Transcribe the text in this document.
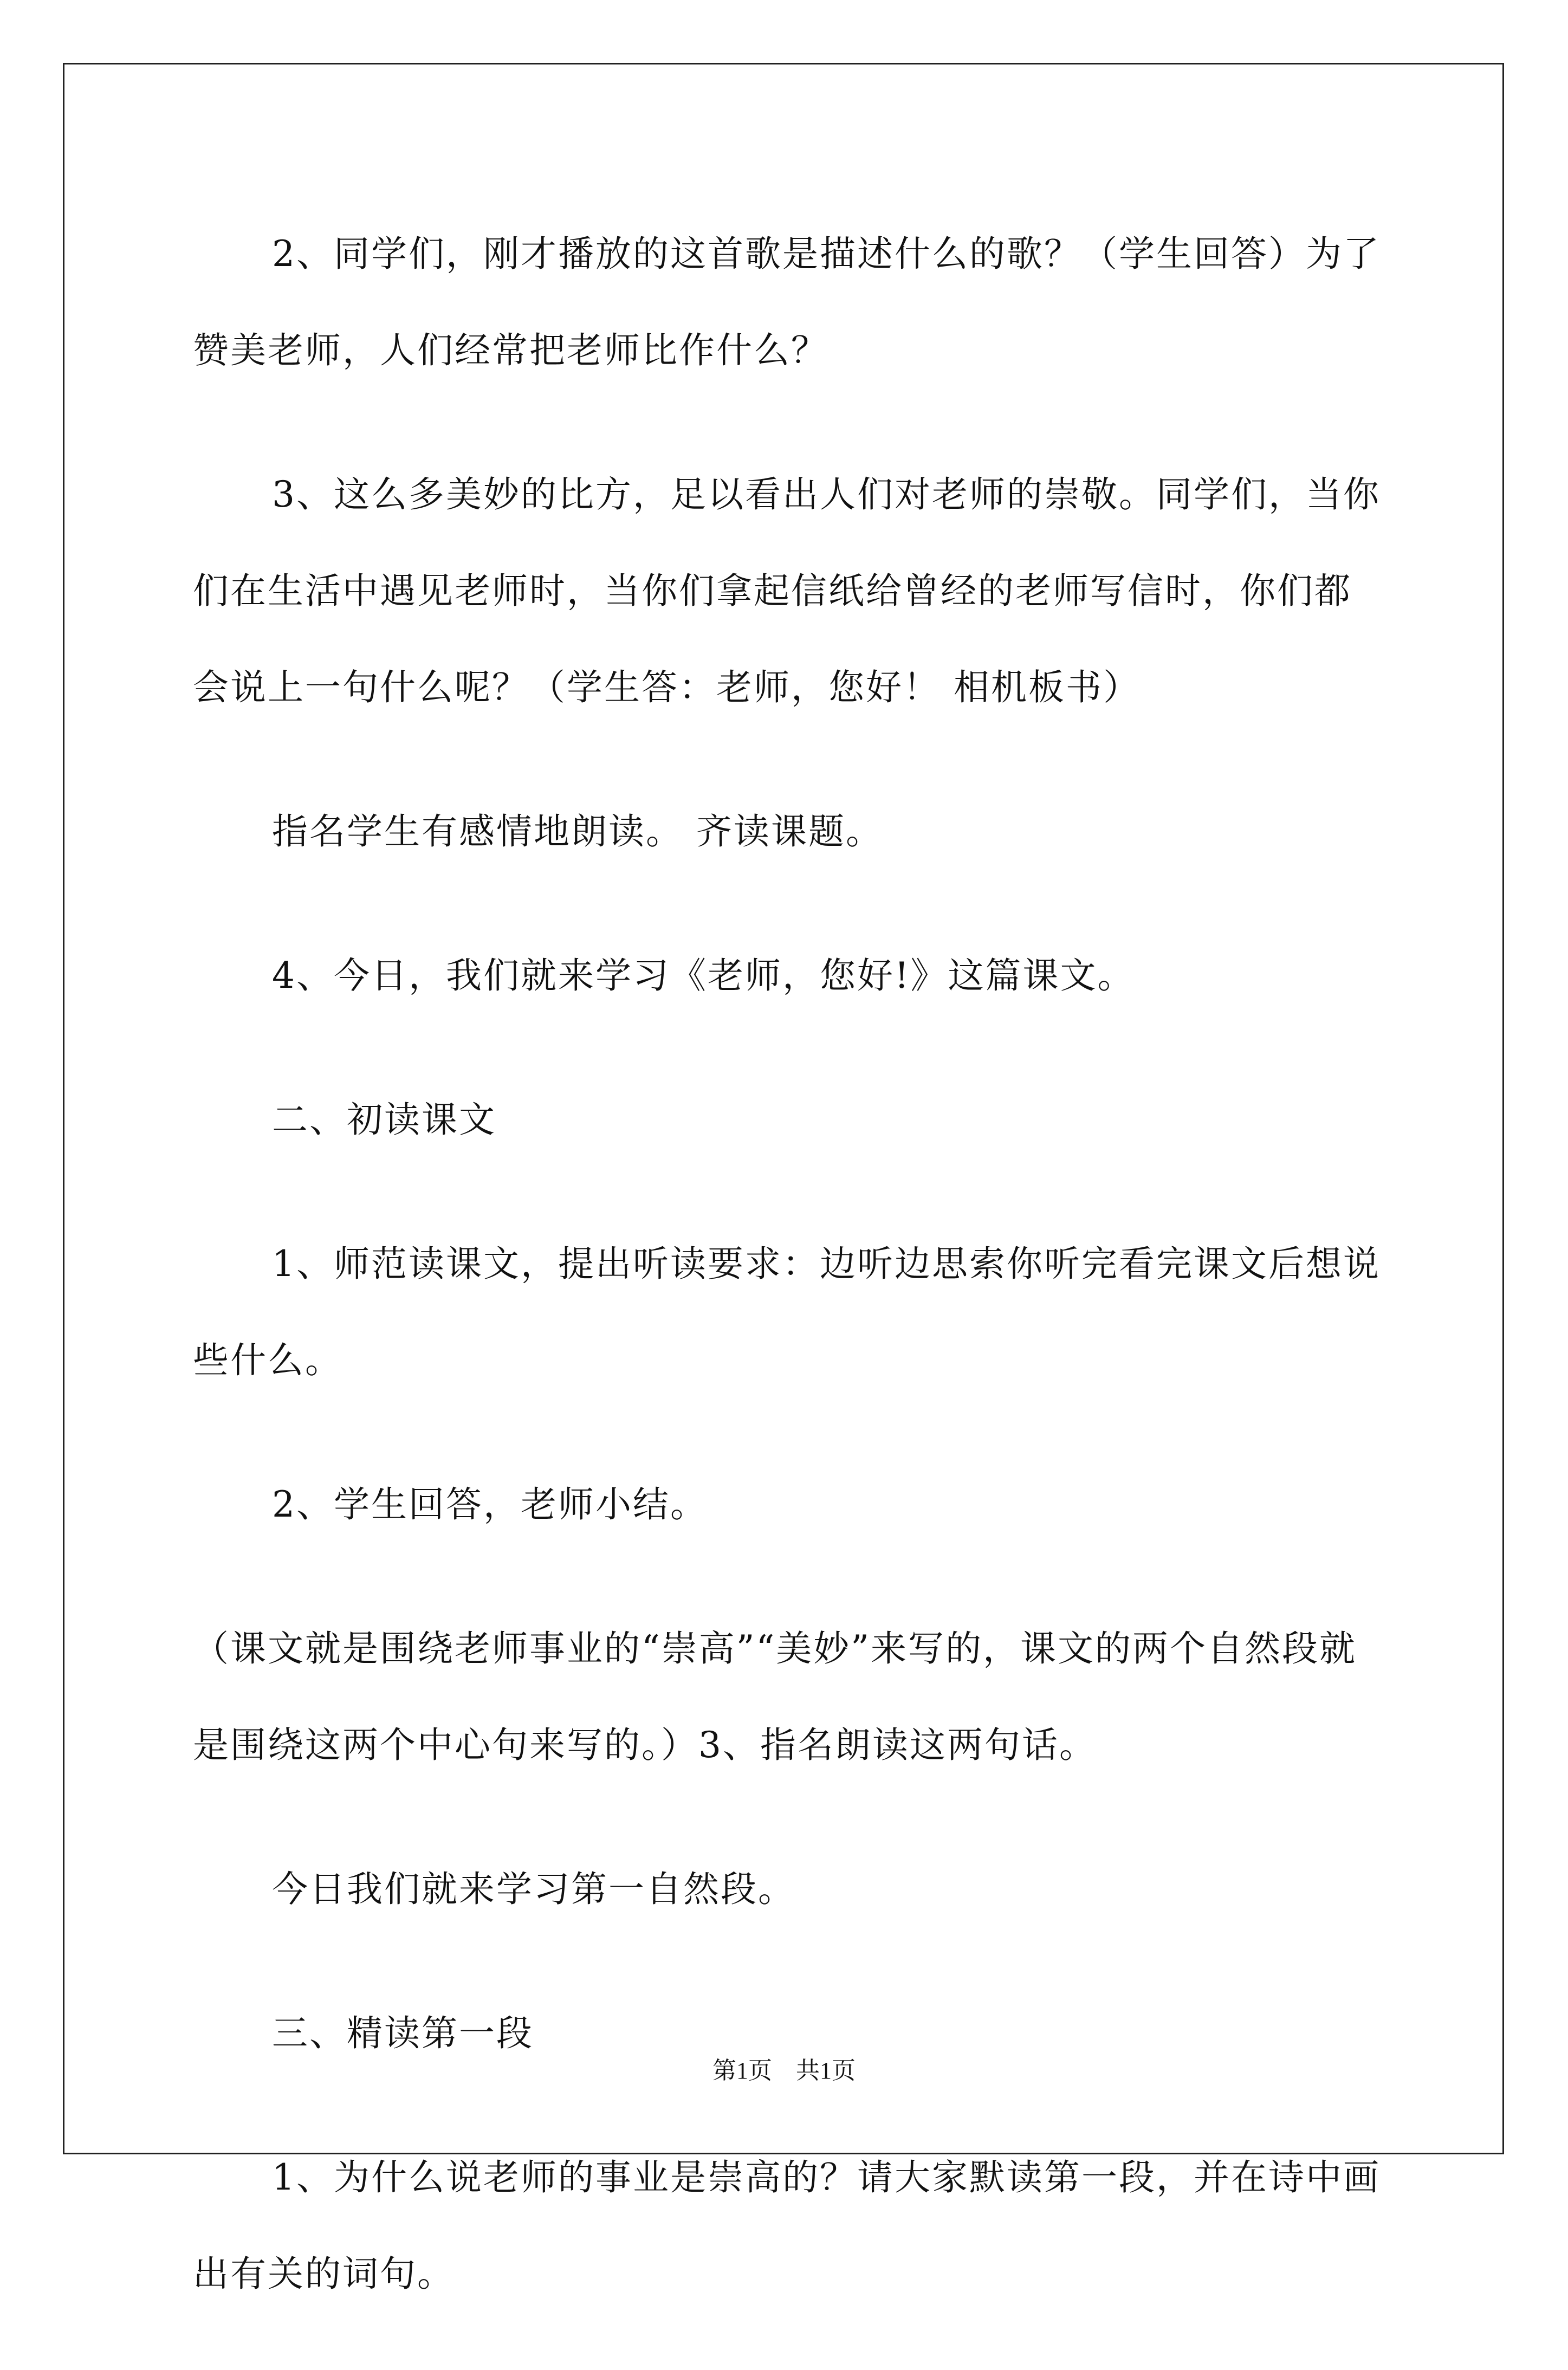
2、同学们，刚才播放的这首歌是描述什么的歌？（学生回答）为了赞美老师，人们经常把老师比作什么？

3、这么多美妙的比方，足以看出人们对老师的崇敬。同学们，当你们在生活中遇见老师时，当你们拿起信纸给曾经的老师写信时，你们都会说上一句什么呢？（学生答：老师，您好！ 相机板书）

指名学生有感情地朗读。 齐读课题。

4、今日，我们就来学习《老师，您好!》这篇课文。

二、初读课文

1、师范读课文，提出听读要求：边听边思索你听完看完课文后想说些什么。

2、学生回答，老师小结。

（课文就是围绕老师事业的“崇高”“美妙”来写的，课文的两个自然段就是围绕这两个中心句来写的。）3、指名朗读这两句话。

今日我们就来学习第一自然段。

三、精读第一段

1、为什么说老师的事业是崇高的？请大家默读第一段，并在诗中画出有关的词句。

第1页　共1页
